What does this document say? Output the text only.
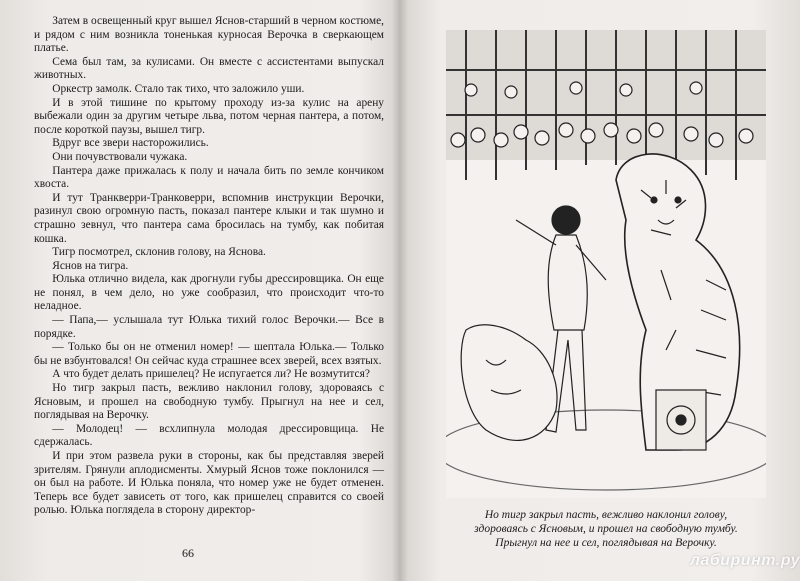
Затем в освещенный круг вышел Яснов-старший в черном костюме, и рядом с ним возникла тоненькая курносая Верочка в сверкающем платье.

Сема был там, за кулисами. Он вместе с ассистентами выпускал животных.

Оркестр замолк. Стало так тихо, что заложило уши.

И в этой тишине по крытому проходу из-за кулис на арену выбежали один за другим четыре льва, потом черная пантера, а потом, после короткой паузы, вышел тигр.

Вдруг все звери насторожились.

Они почувствовали чужака.

Пантера даже прижалась к полу и начала бить по земле кончиком хвоста.

И тут Транкверри-Транковерри, вспомнив инструкции Верочки, разинул свою огромную пасть, показал пантере клыки и так шумно и страшно зевнул, что пантера сама бросилась на тумбу, как побитая кошка.

Тигр посмотрел, склонив голову, на Яснова.

Яснов на тигра.

Юлька отлично видела, как дрогнули губы дрессировщика. Он еще не понял, в чем дело, но уже сообразил, что происходит что-то неладное.

— Папа,— услышала тут Юлька тихий голос Верочки.— Все в порядке.

— Только бы он не отменил номер! — шептала Юлька.— Только бы не взбунтовался! Он сейчас куда страшнее всех зверей, всех взятых.

А что будет делать пришелец? Не испугается ли? Не возмутится?

Но тигр закрыл пасть, вежливо наклонил голову, здороваясь с Ясновым, и прошел на свободную тумбу. Прыгнул на нее и сел, поглядывая на Верочку.

— Молодец! — всхлипнула молодая дрессировщица. Не сдержалась.

И при этом развела руки в стороны, как бы представляя зверей зрителям. Грянули аплодисменты. Хмурый Яснов тоже поклонился — он был на работе. И Юлька поняла, что номер уже не будет отменен. Теперь все будет зависеть от того, как пришелец справится со своей ролью. Юлька поглядела в сторону директор-

66
Но тигр закрыл пасть, вежливо наклонил голову,
здороваясь с Ясновым, и прошел на свободную тумбу.
Прыгнул на нее и сел, поглядывая на Верочку.
лабиринт.ру
